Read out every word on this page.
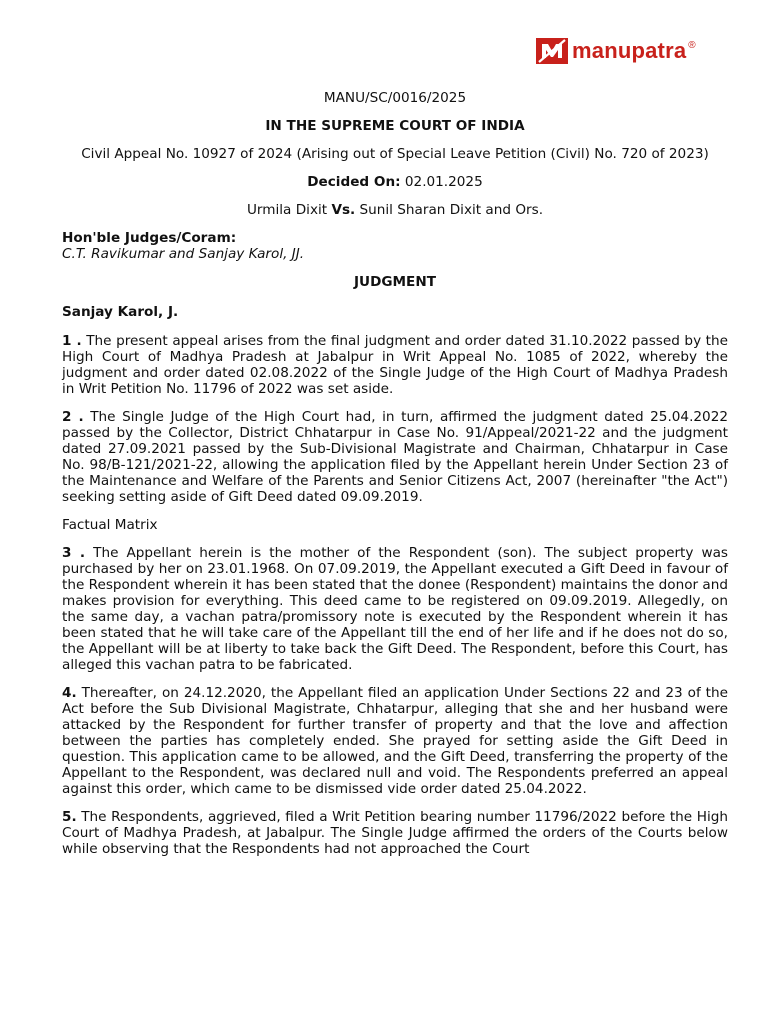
manupatra ®

MANU/SC/0016/2025

IN THE SUPREME COURT OF INDIA

Civil Appeal No. 10927 of 2024 (Arising out of Special Leave Petition (Civil) No. 720 of 2023)

Decided On: 02.01.2025

Urmila Dixit Vs. Sunil Sharan Dixit and Ors.

Hon'ble Judges/Coram:

C.T. Ravikumar and Sanjay Karol, JJ.

JUDGMENT

Sanjay Karol, J.

1 . The present appeal arises from the final judgment and order dated 31.10.2022 passed by the High Court of Madhya Pradesh at Jabalpur in Writ Appeal No. 1085 of 2022, whereby the judgment and order dated 02.08.2022 of the Single Judge of the High Court of Madhya Pradesh in Writ Petition No. 11796 of 2022 was set aside.

2 . The Single Judge of the High Court had, in turn, affirmed the judgment dated 25.04.2022 passed by the Collector, District Chhatarpur in Case No. 91/Appeal/2021-22 and the judgment dated 27.09.2021 passed by the Sub-Divisional Magistrate and Chairman, Chhatarpur in Case No. 98/B-121/2021-22, allowing the application filed by the Appellant herein Under Section 23 of the Maintenance and Welfare of the Parents and Senior Citizens Act, 2007 (hereinafter "the Act") seeking setting aside of Gift Deed dated 09.09.2019.

Factual Matrix

3 . The Appellant herein is the mother of the Respondent (son). The subject property was purchased by her on 23.01.1968. On 07.09.2019, the Appellant executed a Gift Deed in favour of the Respondent wherein it has been stated that the donee (Respondent) maintains the donor and makes provision for everything. This deed came to be registered on 09.09.2019. Allegedly, on the same day, a vachan patra/promissory note is executed by the Respondent wherein it has been stated that he will take care of the Appellant till the end of her life and if he does not do so, the Appellant will be at liberty to take back the Gift Deed. The Respondent, before this Court, has alleged this vachan patra to be fabricated.

4. Thereafter, on 24.12.2020, the Appellant filed an application Under Sections 22 and 23 of the Act before the Sub Divisional Magistrate, Chhatarpur, alleging that she and her husband were attacked by the Respondent for further transfer of property and that the love and affection between the parties has completely ended. She prayed for setting aside the Gift Deed in question. This application came to be allowed, and the Gift Deed, transferring the property of the Appellant to the Respondent, was declared null and void. The Respondents preferred an appeal against this order, which came to be dismissed vide order dated 25.04.2022.

5. The Respondents, aggrieved, filed a Writ Petition bearing number 11796/2022 before the High Court of Madhya Pradesh, at Jabalpur. The Single Judge affirmed the orders of the Courts below while observing that the Respondents had not approached the Court
